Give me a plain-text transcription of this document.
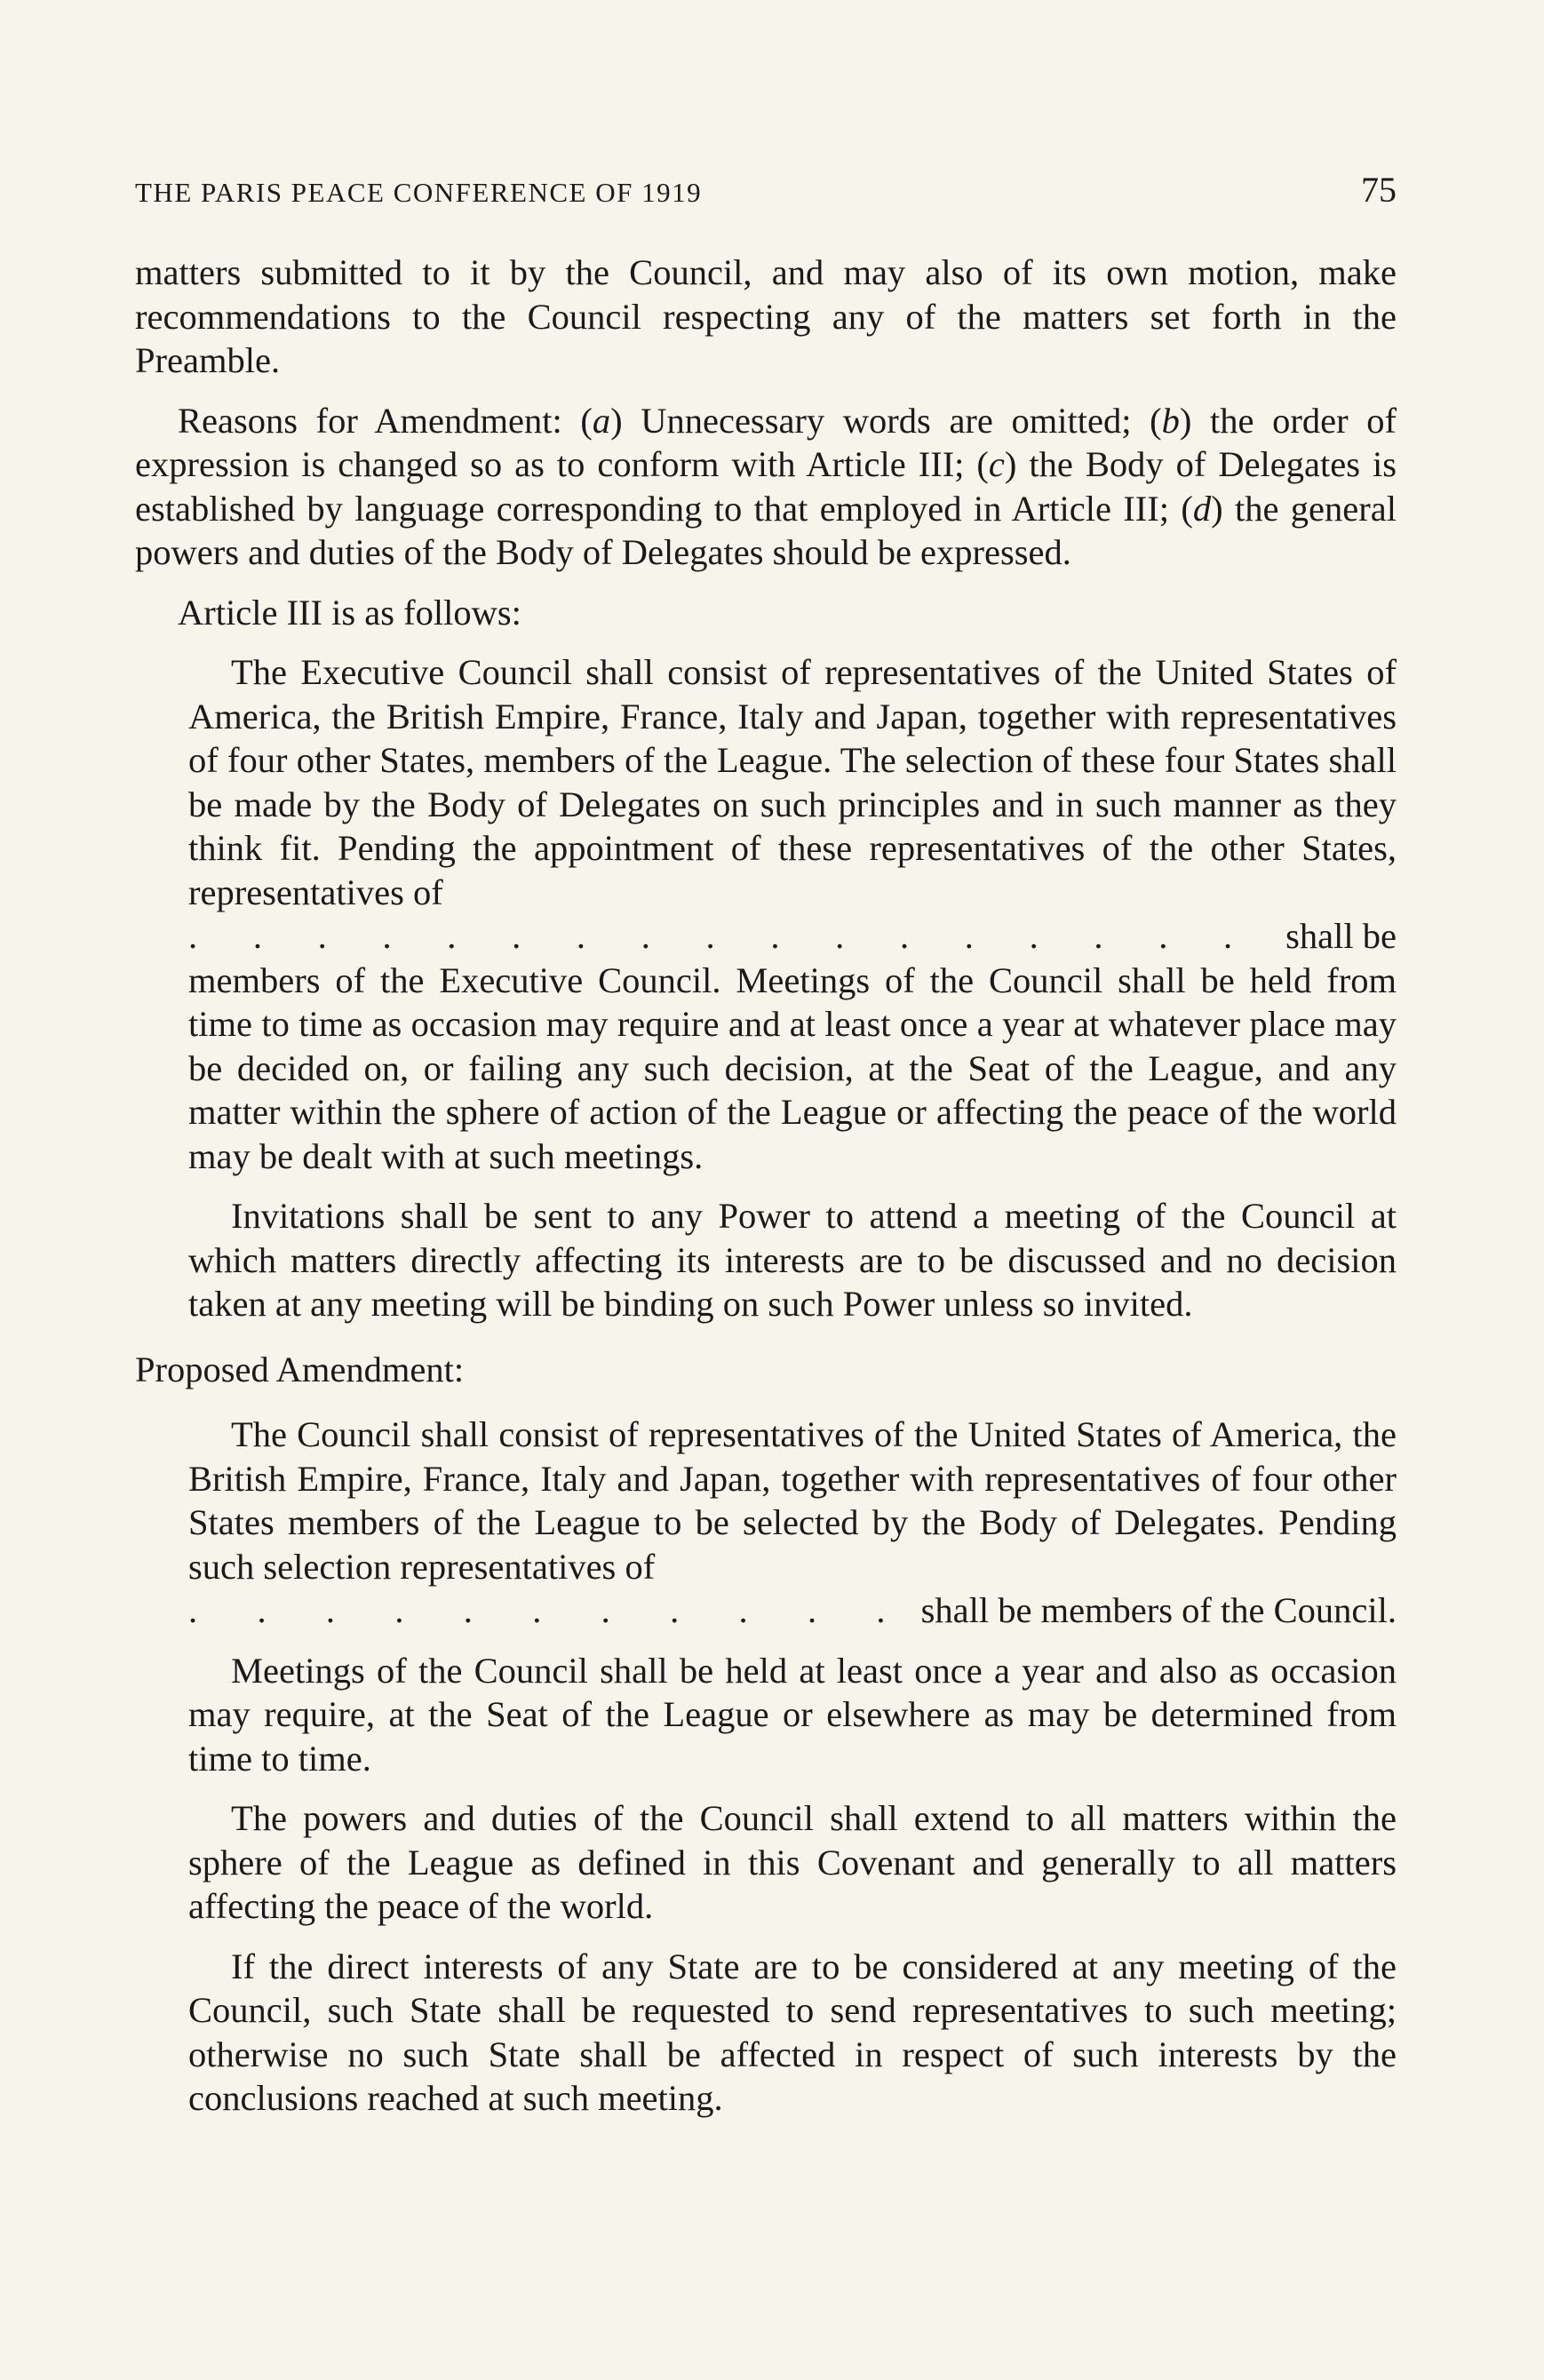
THE PARIS PEACE CONFERENCE OF 1919	75

matters submitted to it by the Council, and may also of its own motion, make recommendations to the Council respecting any of the matters set forth in the Preamble.

Reasons for Amendment: (a) Unnecessary words are omitted; (b) the order of expression is changed so as to conform with Article III; (c) the Body of Delegates is established by language corresponding to that employed in Article III; (d) the general powers and duties of the Body of Delegates should be expressed.

Article III is as follows:

The Executive Council shall consist of representatives of the United States of America, the British Empire, France, Italy and Japan, together with representatives of four other States, members of the League. The selection of these four States shall be made by the Body of Delegates on such principles and in such manner as they think fit. Pending the appointment of these representatives of the other States, representatives of

. . . . . . . . . . . . . . . . . shall be

members of the Executive Council. Meetings of the Council shall be held from time to time as occasion may require and at least once a year at whatever place may be decided on, or failing any such decision, at the Seat of the League, and any matter within the sphere of action of the League or affecting the peace of the world may be dealt with at such meetings.

Invitations shall be sent to any Power to attend a meeting of the Council at which matters directly affecting its interests are to be discussed and no decision taken at any meeting will be binding on such Power unless so invited.

Proposed Amendment:

The Council shall consist of representatives of the United States of America, the British Empire, France, Italy and Japan, together with representatives of four other States members of the League to be selected by the Body of Delegates. Pending such selection representatives of

. . . . . . . . . . . shall be members of the Council.

Meetings of the Council shall be held at least once a year and also as occasion may require, at the Seat of the League or elsewhere as may be determined from time to time.

The powers and duties of the Council shall extend to all matters within the sphere of the League as defined in this Covenant and generally to all matters affecting the peace of the world.

If the direct interests of any State are to be considered at any meeting of the Council, such State shall be requested to send representatives to such meeting; otherwise no such State shall be affected in respect of such interests by the conclusions reached at such meeting.
